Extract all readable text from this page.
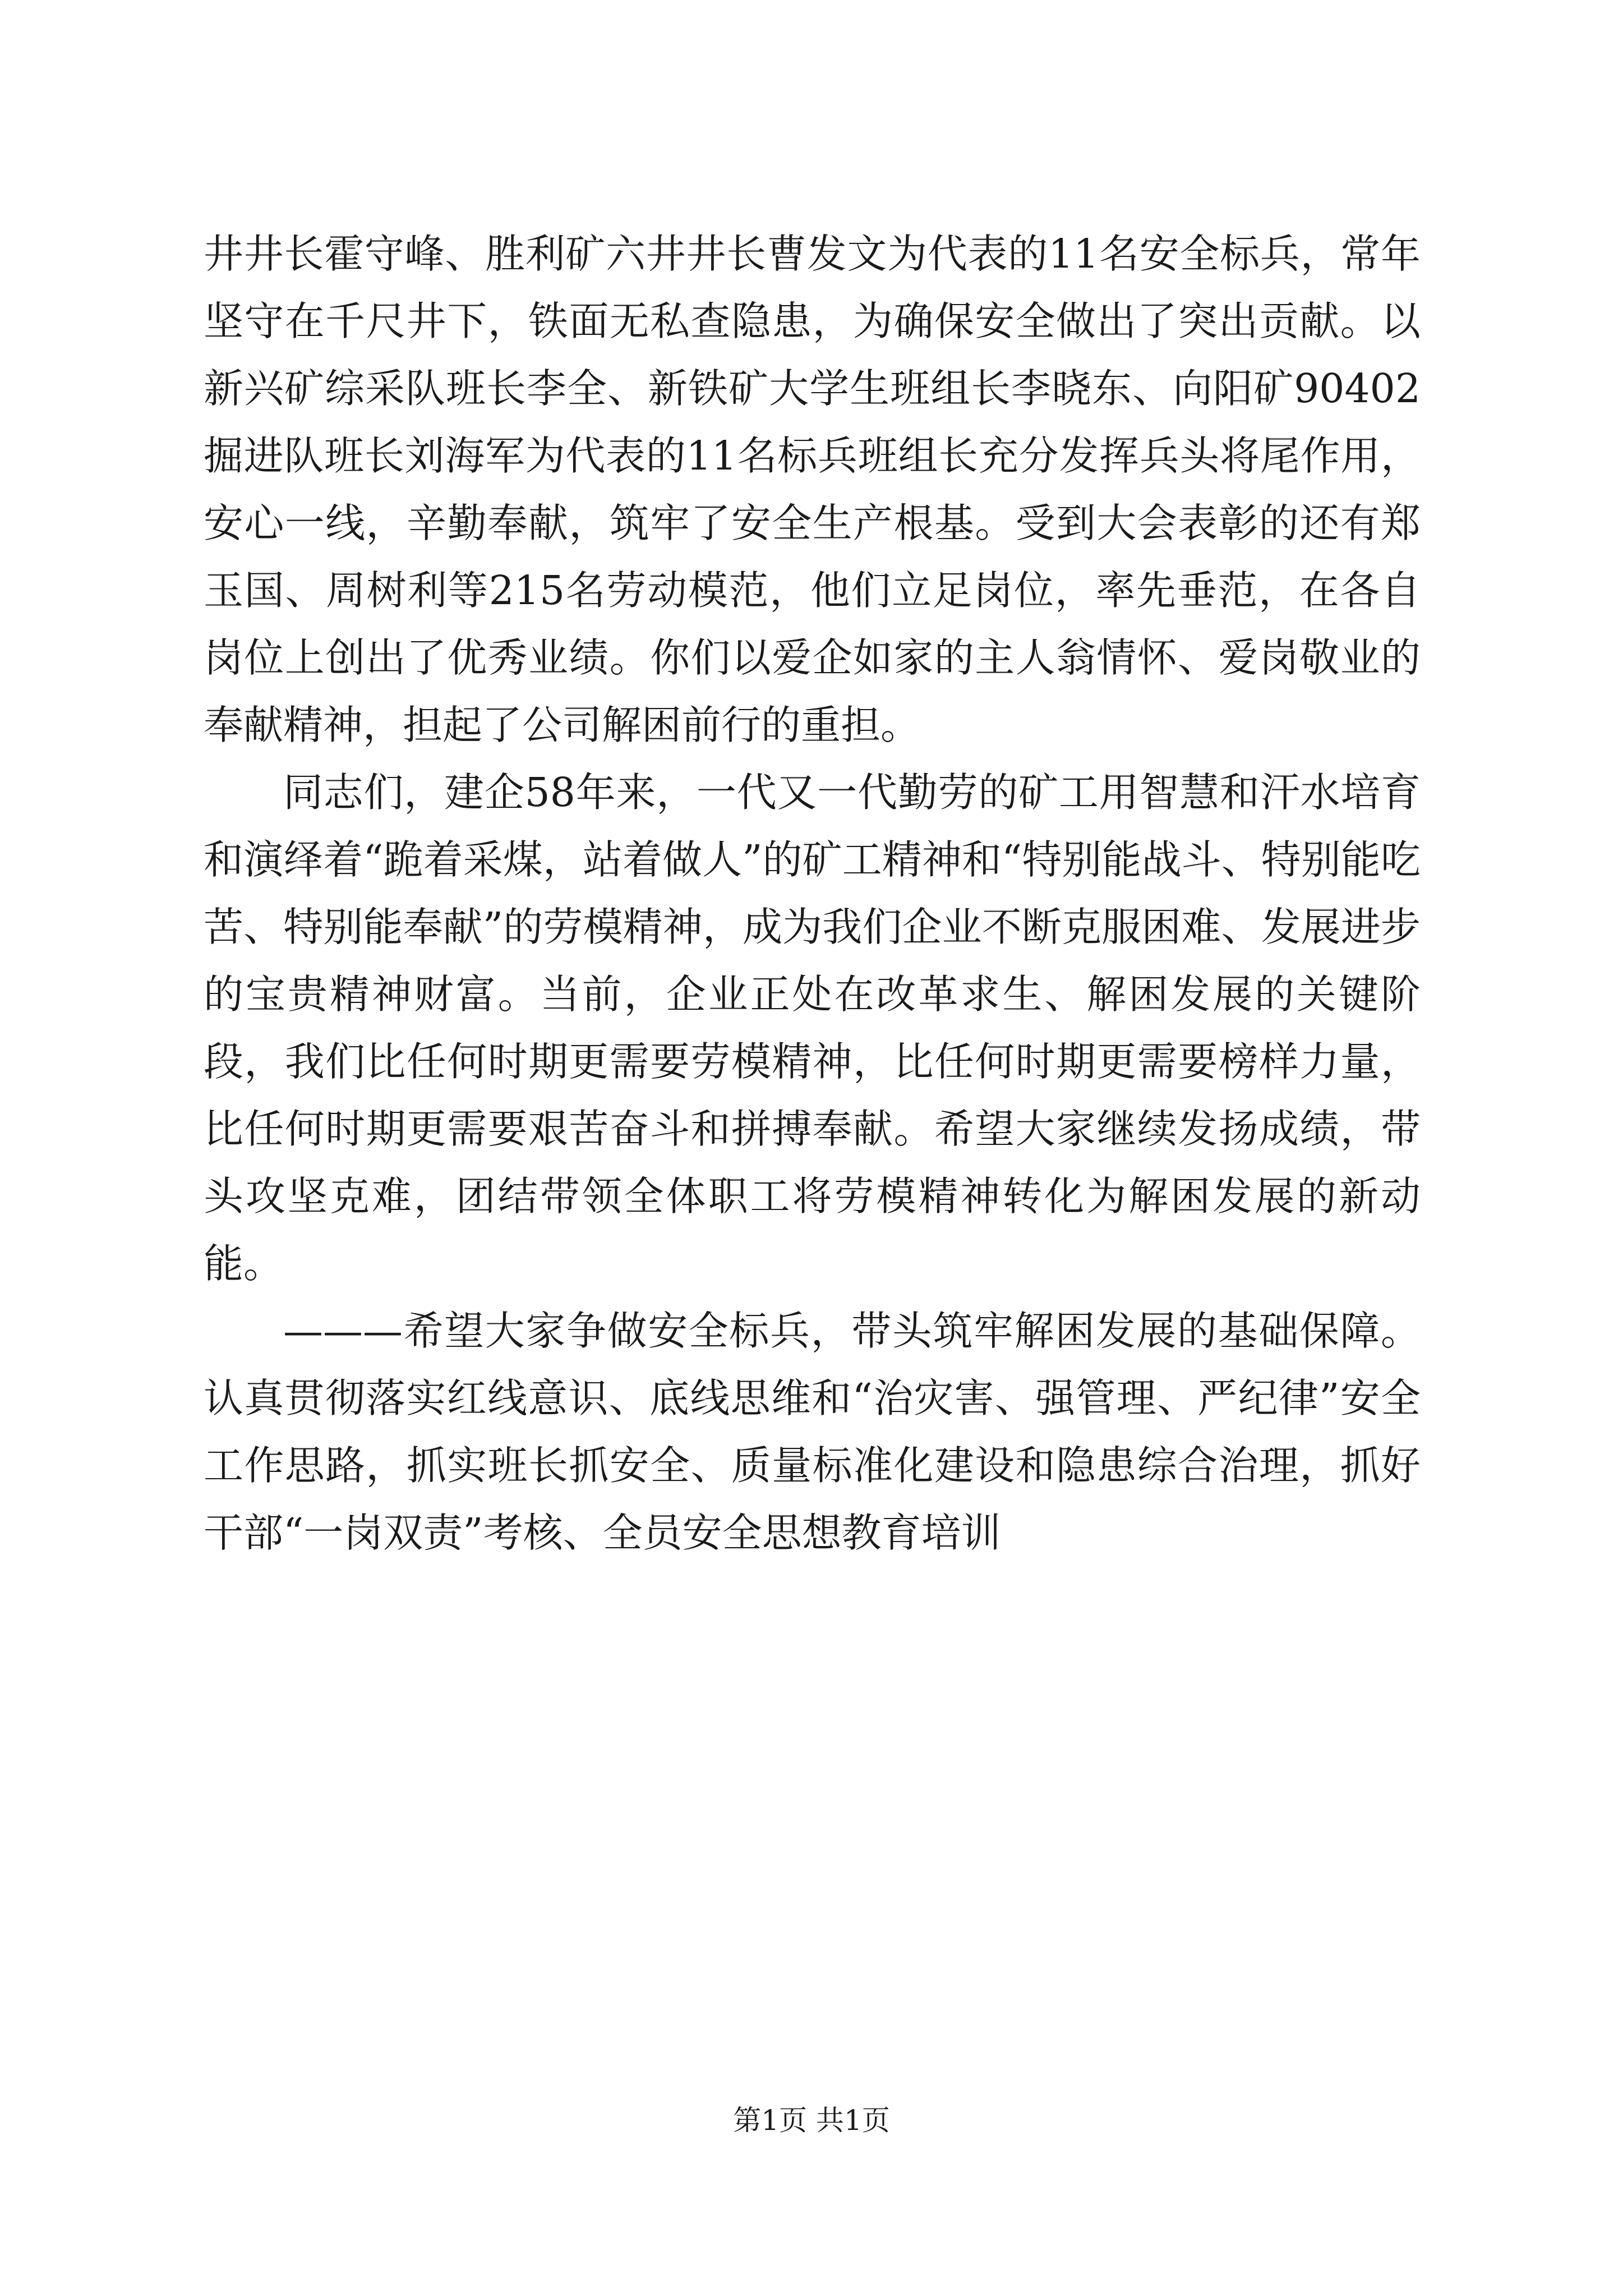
井井长霍守峰、胜利矿六井井长曹发文为代表的11名安全标兵，常年坚守在千尺井下，铁面无私查隐患，为确保安全做出了突出贡献。以新兴矿综采队班长李全、新铁矿大学生班组长李晓东、向阳矿90402掘进队班长刘海军为代表的11名标兵班组长充分发挥兵头将尾作用，安心一线，辛勤奉献，筑牢了安全生产根基。受到大会表彰的还有郑玉国、周树利等215名劳动模范，他们立足岗位，率先垂范，在各自岗位上创出了优秀业绩。你们以爱企如家的主人翁情怀、爱岗敬业的奉献精神，担起了公司解困前行的重担。

同志们，建企58年来，一代又一代勤劳的矿工用智慧和汗水培育和演绎着“跪着采煤，站着做人”的矿工精神和“特别能战斗、特别能吃苦、特别能奉献”的劳模精神，成为我们企业不断克服困难、发展进步的宝贵精神财富。当前，企业正处在改革求生、解困发展的关键阶段，我们比任何时期更需要劳模精神，比任何时期更需要榜样力量，比任何时期更需要艰苦奋斗和拼搏奉献。希望大家继续发扬成绩，带头攻坚克难，团结带领全体职工将劳模精神转化为解困发展的新动能。

———希望大家争做安全标兵，带头筑牢解困发展的基础保障。认真贯彻落实红线意识、底线思维和“治灾害、强管理、严纪律”安全工作思路，抓实班长抓安全、质量标准化建设和隐患综合治理，抓好干部“一岗双责”考核、全员安全思想教育培训

第1页 共1页
